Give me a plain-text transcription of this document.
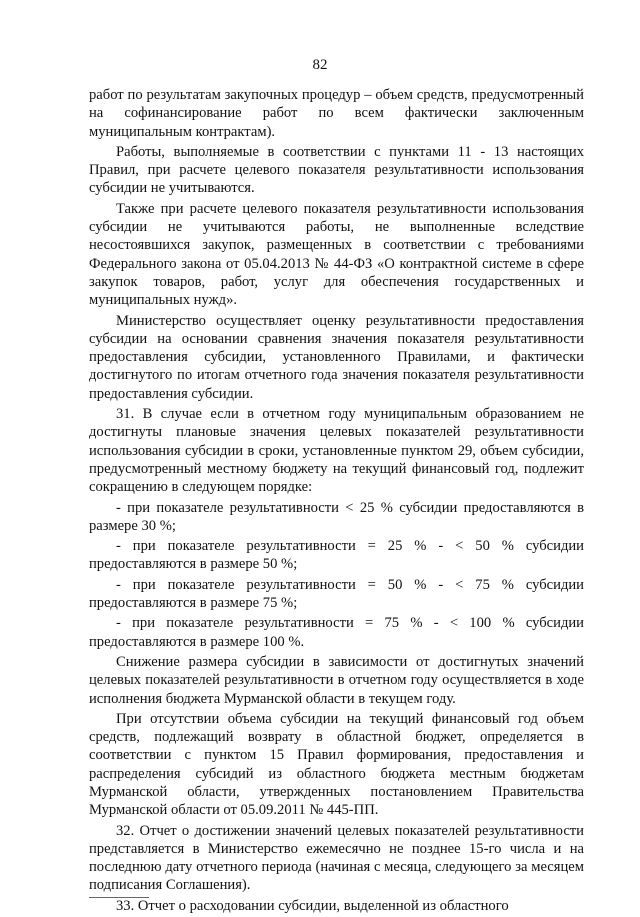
82

работ по результатам закупочных процедур – объем средств, предусмотренный на софинансирование работ по всем фактически заключенным муниципальным контрактам).

Работы, выполняемые в соответствии с пунктами 11 - 13 настоящих Правил, при расчете целевого показателя результативности использования субсидии не учитываются.

Также при расчете целевого показателя результативности использования субсидии не учитываются работы, не выполненные вследствие несостоявшихся закупок, размещенных в соответствии с требованиями Федерального закона от 05.04.2013 № 44-ФЗ «О контрактной системе в сфере закупок товаров, работ, услуг для обеспечения государственных и муниципальных нужд».

Министерство осуществляет оценку результативности предоставления субсидии на основании сравнения значения показателя результативности предоставления субсидии, установленного Правилами, и фактически достигнутого по итогам отчетного года значения показателя результативности предоставления субсидии.

31. В случае если в отчетном году муниципальным образованием не достигнуты плановые значения целевых показателей результативности использования субсидии в сроки, установленные пунктом 29, объем субсидии, предусмотренный местному бюджету на текущий финансовый год, подлежит сокращению в следующем порядке:

- при показателе результативности < 25 % субсидии предоставляются в размере 30 %;

- при показателе результативности = 25 % - < 50 % субсидии предоставляются в размере 50 %;

- при показателе результативности = 50 % - < 75 % субсидии предоставляются в размере 75 %;

- при показателе результативности = 75 % - < 100 % субсидии предоставляются в размере 100 %.

Снижение размера субсидии в зависимости от достигнутых значений целевых показателей результативности в отчетном году осуществляется в ходе исполнения бюджета Мурманской области в текущем году.

При отсутствии объема субсидии на текущий финансовый год объем средств, подлежащий возврату в областной бюджет, определяется в соответствии с пунктом 15 Правил формирования, предоставления и распределения субсидий из областного бюджета местным бюджетам Мурманской области, утвержденных постановлением Правительства Мурманской области от 05.09.2011 № 445-ПП.

32. Отчет о достижении значений целевых показателей результативности представляется в Министерство ежемесячно не позднее 15-го числа и на последнюю дату отчетного периода (начиная с месяца, следующего за месяцем подписания Соглашения).

33. Отчет о расходовании субсидии, выделенной из областного
